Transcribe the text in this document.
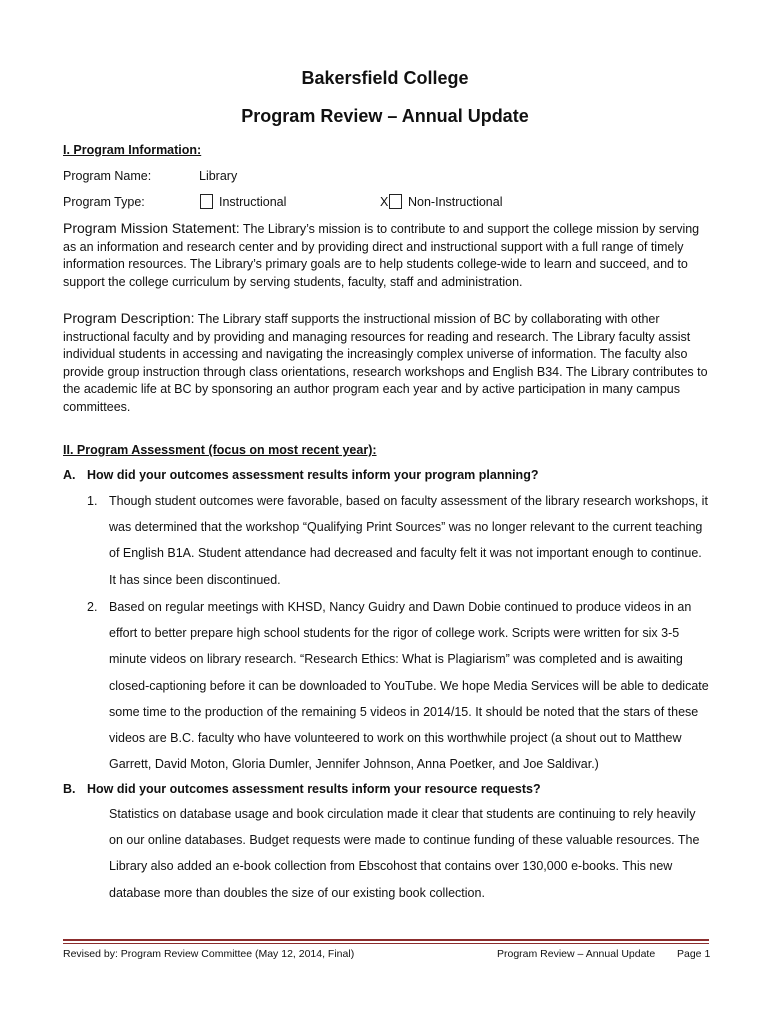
Bakersfield College
Program Review – Annual Update
I. Program Information:
Program Name:	Library
Program Type:	Instructional	X Non-Instructional
Program Mission Statement: The Library’s mission is to contribute to and support the college mission by serving as an information and research center and by providing direct and instructional support with a full range of timely information resources. The Library’s primary goals are to help students college-wide to learn and succeed, and to support the college curriculum by serving students, faculty, staff and administration.
Program Description: The Library staff supports the instructional mission of BC by collaborating with other instructional faculty and by providing and managing resources for reading and research. The Library faculty assist individual students in accessing and navigating the increasingly complex universe of information. The faculty also provide group instruction through class orientations, research workshops and English B34. The Library contributes to the academic life at BC by sponsoring an author program each year and by active participation in many campus committees.
II. Program Assessment (focus on most recent year):
A. How did your outcomes assessment results inform your program planning?
1. Though student outcomes were favorable, based on faculty assessment of the library research workshops, it was determined that the workshop “Qualifying Print Sources” was no longer relevant to the current teaching of English B1A. Student attendance had decreased and faculty felt it was not important enough to continue. It has since been discontinued.
2. Based on regular meetings with KHSD, Nancy Guidry and Dawn Dobie continued to produce videos in an effort to better prepare high school students for the rigor of college work. Scripts were written for six 3-5 minute videos on library research. “Research Ethics: What is Plagiarism” was completed and is awaiting closed-captioning before it can be downloaded to YouTube. We hope Media Services will be able to dedicate some time to the production of the remaining 5 videos in 2014/15. It should be noted that the stars of these videos are B.C. faculty who have volunteered to work on this worthwhile project (a shout out to Matthew Garrett, David Moton, Gloria Dumler, Jennifer Johnson, Anna Poetker, and Joe Saldivar.)
B. How did your outcomes assessment results inform your resource requests?
Statistics on database usage and book circulation made it clear that students are continuing to rely heavily on our online databases. Budget requests were made to continue funding of these valuable resources. The Library also added an e-book collection from Ebscohost that contains over 130,000 e-books. This new database more than doubles the size of our existing book collection.
Revised by: Program Review Committee (May 12, 2014, Final)	Program Review – Annual Update Page 1
